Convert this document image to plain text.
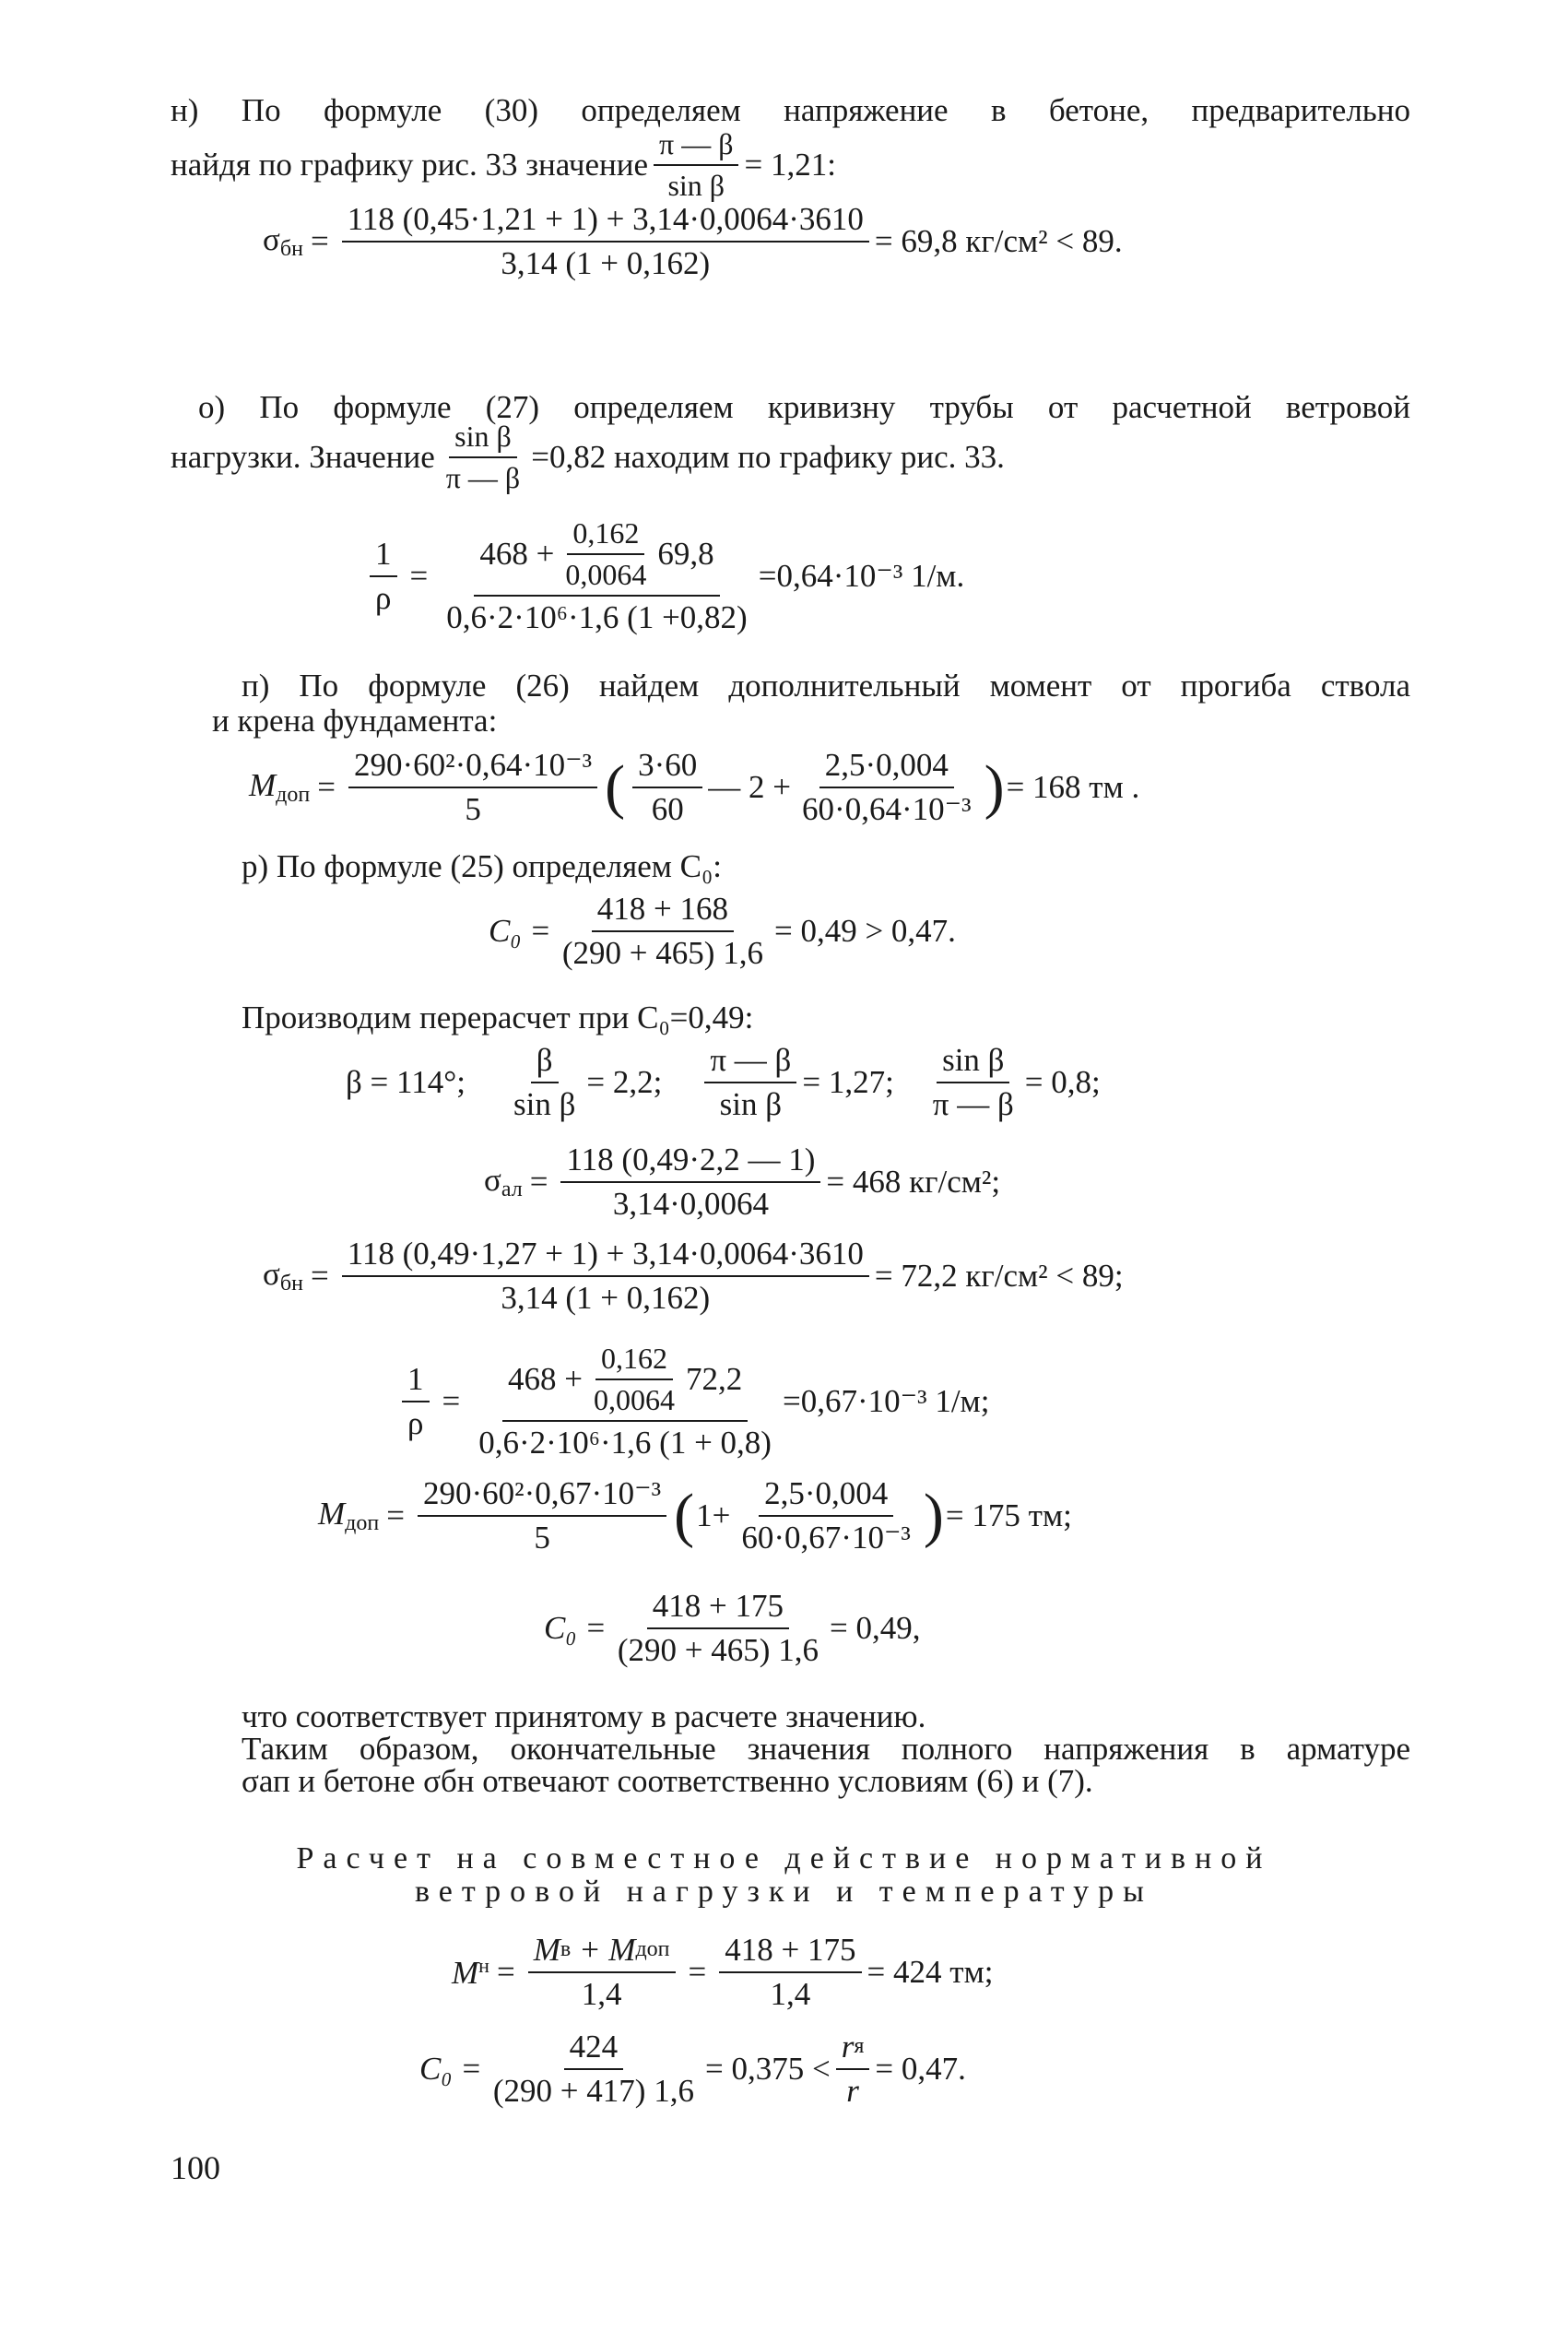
н) По формуле (30) определяем напряжение в бетоне, предварительно
найдя по графику рис. 33 значение $\frac{\pi — \beta}{\text{sin β}} = 1,21$:
$\sigma_{бн} = \frac{118 (0,45\cdot 1,21 + 1) + 3,14\cdot 0,0064\cdot 3610}{3,14 (1 + 0,162)} = 69,8$ кг/см² < 89.
о) По формуле (27) определяем кривизну трубы от расчетной ветровой
нагрузки. Значение $\frac{\text{sin β}}{\pi — \beta} =0,82$ находим по графику рис. 33.
$\frac{1}{\rho}$ =
$468 + \frac{0,162}{0,0064} 69,8$
0,6·2·10⁶·1,6 (1 +0,82)
=0,64·10⁻³ 1/м.
п) По формуле (26) найдем дополнительный момент от прогиба ствола
и крена фундамента:
$М_{доп} = \frac{\text{290·60²·0,64·10⁻³}}{5}$ ( $\frac{3\cdot 60}{60}$ — $2 + \frac{2,5\cdot 0,004}{\text{60·0,64·10⁻³}}$ ) = 168 тм .
р) По формуле (25) определяем С₀:
$С_0 = \frac{418 + 168}{(290 + 465) 1,6} = 0,49 > 0,47$.
Производим перерасчет при С₀=0,49:
β = 114°; $\frac{\beta}{\text{sin β}} = 2,2$; $\frac{\pi — \beta}{\text{sin β}} = 1,27$; $\frac{\text{sin β}}{\pi — \beta} = 0,8$;
$\sigma_{ал} = \frac{118 (0,49\cdot 2,2 — 1)}{3,14\cdot 0,0064} = 468$ кг/см²;
$\sigma_{бн} = \frac{118 (0,49\cdot 1,27 + 1) + 3,14\cdot 0,0064\cdot 3610}{3,14 (1 + 0,162)} = 72,2$ кг/см² < 89;
$\frac{1}{\rho}$ =
$468 + \frac{0,162}{0,0064} 72,2$
0,6·2·10⁶·1,6 (1 + 0,8)
=0,67·10⁻³ 1/м;
$М_{доп} = \frac{\text{290·60²·0,67·10⁻³}}{5}$ ( $1+ \frac{2,5\cdot 0,004}{\text{60·0,67·10⁻³}}$ ) = 175 тм;
$С_0 = \frac{418 + 175}{(290 + 465) 1,6} = 0,49$,
что соответствует принятому в расчете значению.
Таким образом, окончательные значения полного напряжения в арматуре
σап и бетоне σбн отвечают соответственно условиям (6) и (7).
Расчет на совместное действие нормативной
ветровой нагрузки и температуры
$М^н = \frac{\text{М в + М доп}}{1,4} = \frac{418 + 175}{1,4} = 424$ тм;
$С_0 = \frac{424}{(290 + 417) 1,6} = 0,375 < \frac{\text{r я}}{r} = 0,47$.
100
